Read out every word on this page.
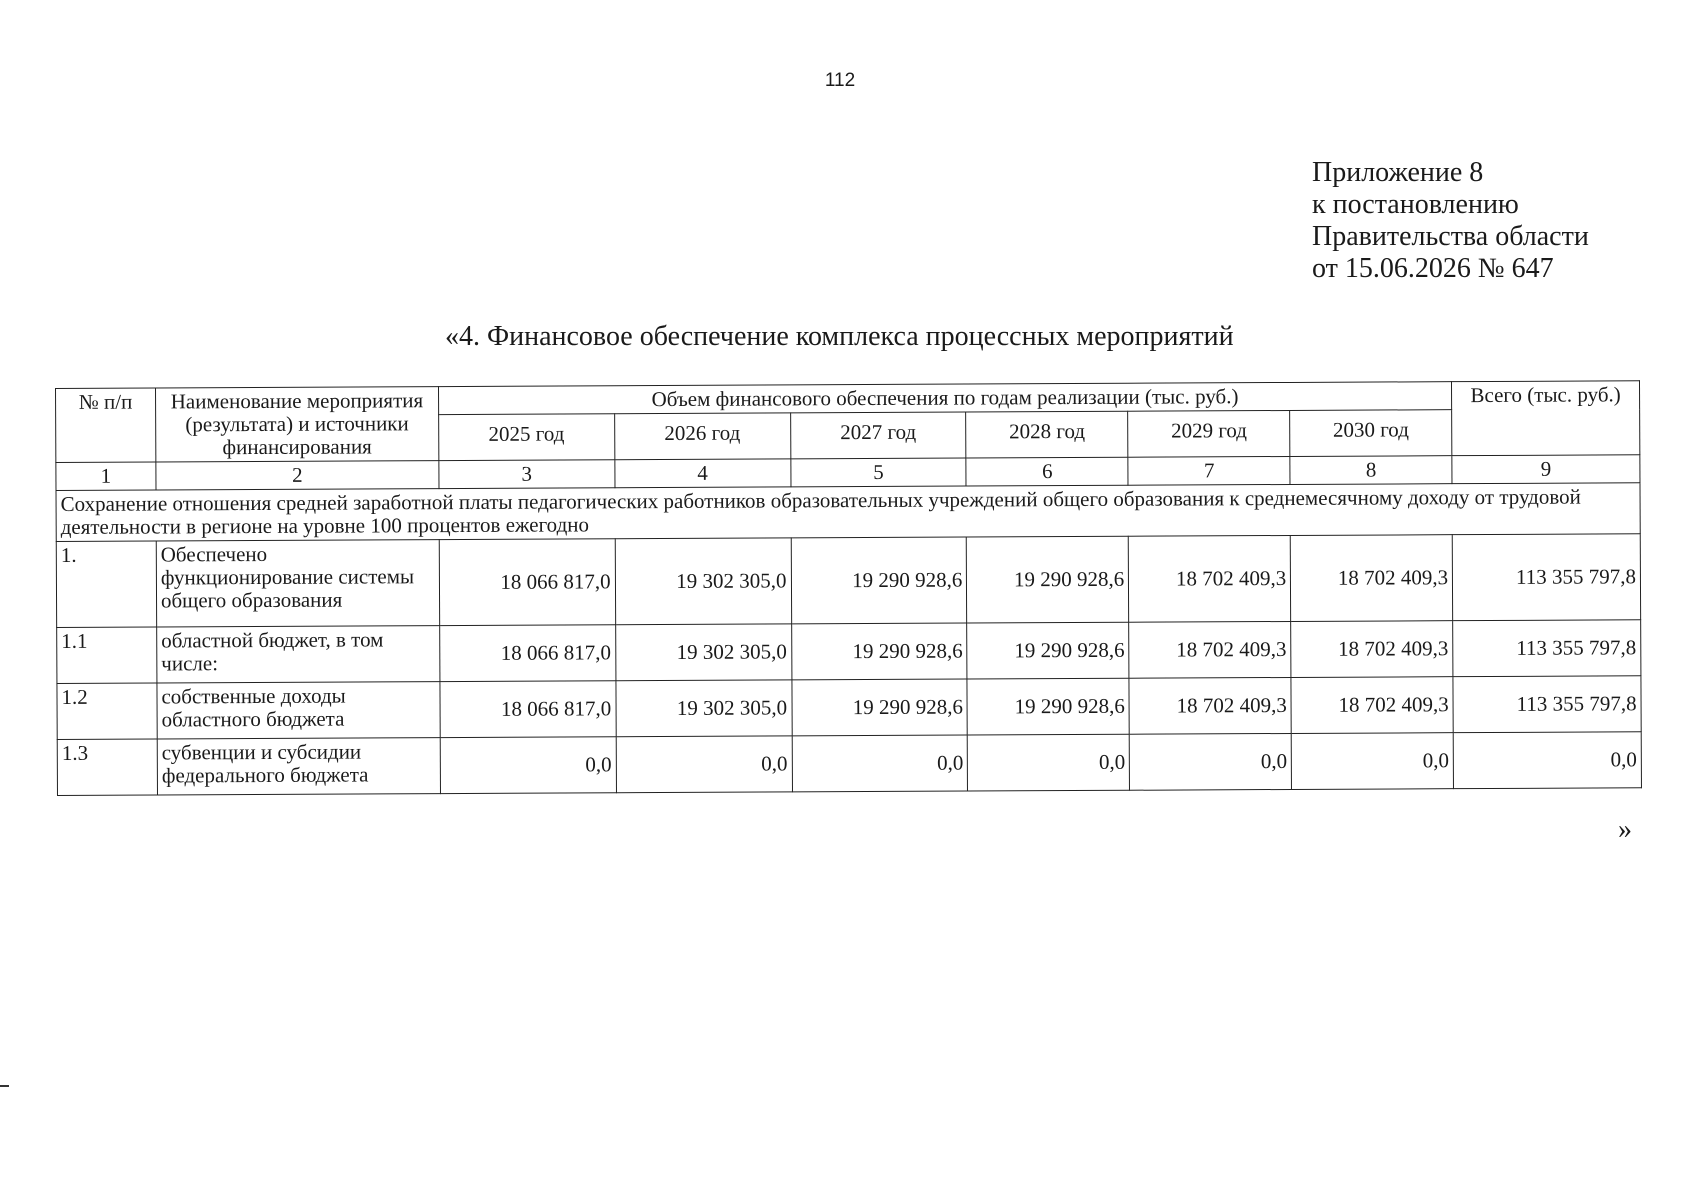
112
Приложение 8
к постановлению
Правительства области
от 15.06.2026 № 647
«4. Финансовое обеспечение комплекса процессных мероприятий
№ п/п	Наименование мероприятия (результата) и источники финансирования	Объем финансового обеспечения по годам реализации (тыс. руб.)						Всего (тыс. руб.)
		2025 год	2026 год	2027 год	2028 год	2029 год	2030 год	
1	2	3	4	5	6	7	8	9
Сохранение отношения средней заработной платы педагогических работников образовательных учреждений общего образования к среднемесячному доходу от трудовой деятельности в регионе на уровне 100 процентов ежегодно								
1.	Обеспечено функционирование системы общего образования	18 066 817,0	19 302 305,0	19 290 928,6	19 290 928,6	18 702 409,3	18 702 409,3	113 355 797,8
1.1	областной бюджет, в том числе:	18 066 817,0	19 302 305,0	19 290 928,6	19 290 928,6	18 702 409,3	18 702 409,3	113 355 797,8
1.2	собственные доходы областного бюджета	18 066 817,0	19 302 305,0	19 290 928,6	19 290 928,6	18 702 409,3	18 702 409,3	113 355 797,8
1.3	субвенции и субсидии федерального бюджета	0,0	0,0	0,0	0,0	0,0	0,0	0,0
»
